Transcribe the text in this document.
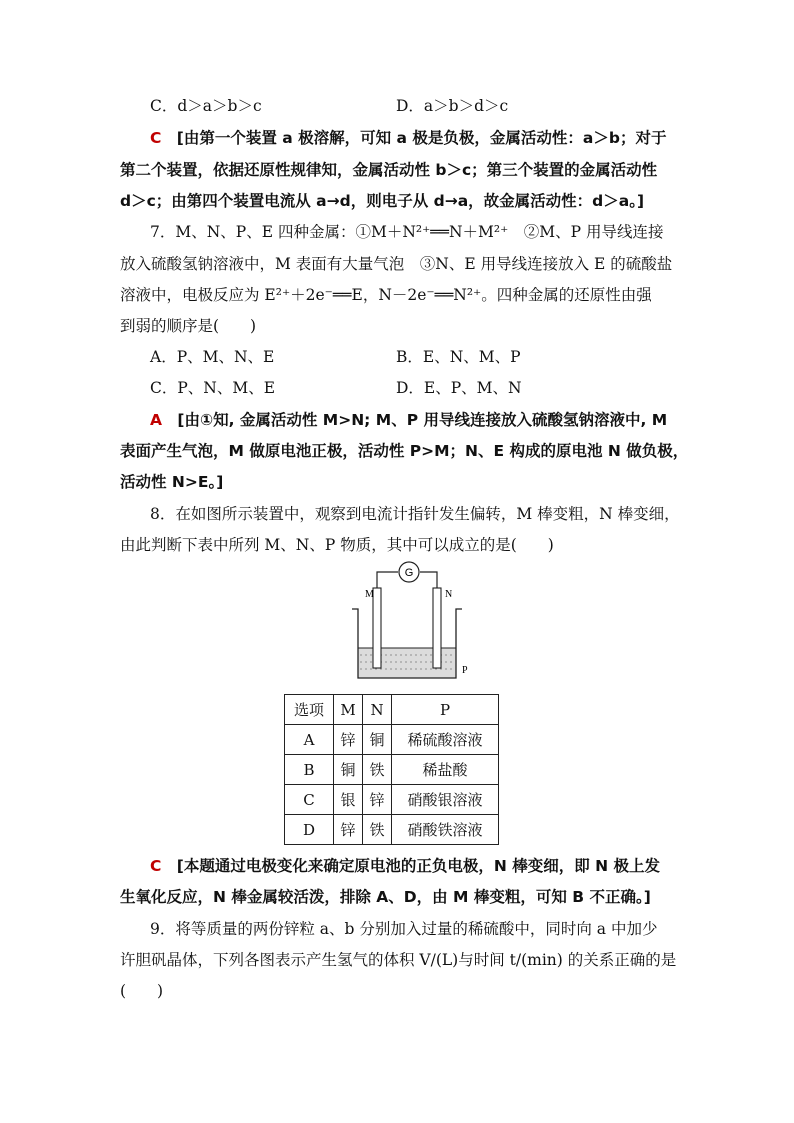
C．d＞a＞b＞c	D．a＞b＞d＞c
C [由第一个装置 a 极溶解，可知 a 极是负极，金属活动性：a＞b；对于
第二个装置，依据还原性规律知，金属活动性 b＞c；第三个装置的金属活动性
d＞c；由第四个装置电流从 a→d，则电子从 d→a，故金属活动性：d＞a。]
7．M、N、P、E 四种金属：①M＋N²⁺══N＋M²⁺　②M、P 用导线连接
放入硫酸氢钠溶液中，M 表面有大量气泡　③N、E 用导线连接放入 E 的硫酸盐
溶液中，电极反应为 E²⁺＋2e⁻══E，N－2e⁻══N²⁺。四种金属的还原性由强
到弱的顺序是(　　)
A．P、M、N、E	B．E、N、M、P
C．P、N、M、E	D．E、P、M、N
A [由①知, 金属活动性 M>N; M、P 用导线连接放入硫酸氢钠溶液中, M
表面产生气泡，M 做原电池正极，活动性 P>M；N、E 构成的原电池 N 做负极，
活动性 N>E。]
8．在如图所示装置中，观察到电流计指针发生偏转，M 棒变粗，N 棒变细，
由此判断下表中所列 M、N、P 物质，其中可以成立的是(　　)
G
M	N
P
选项	M	N	P
A	锌	铜	稀硫酸溶液
B	铜	铁	稀盐酸
C	银	锌	硝酸银溶液
D	锌	铁	硝酸铁溶液
C [本题通过电极变化来确定原电池的正负电极，N 棒变细，即 N 极上发
生氧化反应，N 棒金属较活泼，排除 A、D，由 M 棒变粗，可知 B 不正确。]
9．将等质量的两份锌粒 a、b 分别加入过量的稀硫酸中，同时向 a 中加少
许胆矾晶体，下列各图表示产生氢气的体积 V/(L)与时间 t/(min) 的关系正确的是
(　　)
